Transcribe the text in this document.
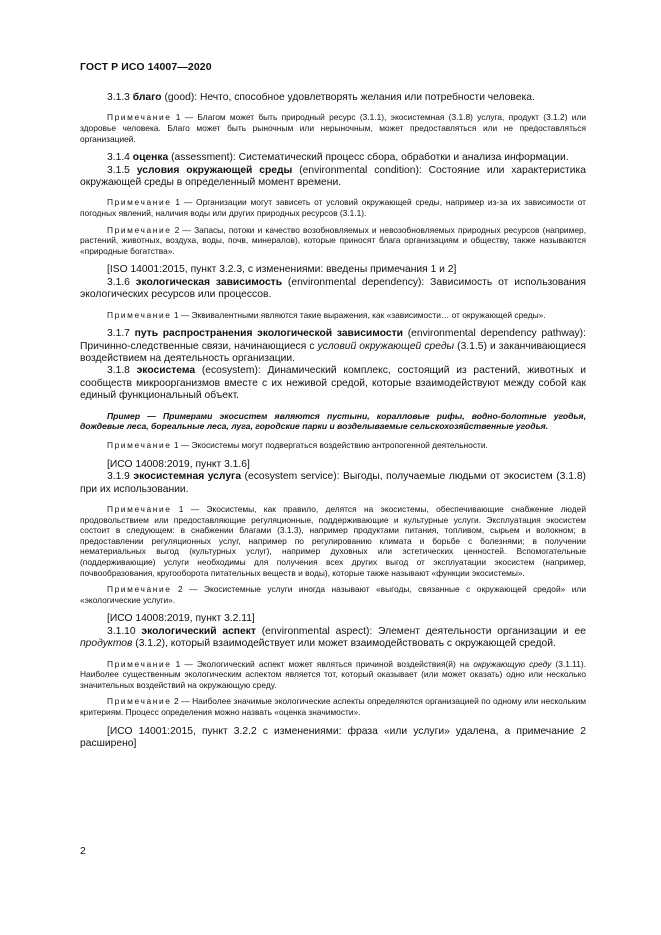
ГОСТ Р ИСО 14007—2020

3.1.3 благо (good): Нечто, способное удовлетворять желания или потребности человека.

Примечание 1 — Благом может быть природный ресурс (3.1.1), экосистемная (3.1.8) услуга, продукт (3.1.2) или здоровье человека. Благо может быть рыночным или нерыночным, может предоставляться или не предоставляться организацией.

3.1.4 оценка (assessment): Систематический процесс сбора, обработки и анализа информации.

3.1.5 условия окружающей среды (environmental condition): Состояние или характеристика окружающей среды в определенный момент времени.

Примечание 1 — Организации могут зависеть от условий окружающей среды, например из-за их зависимости от погодных явлений, наличия воды или других природных ресурсов (3.1.1).

Примечание 2 — Запасы, потоки и качество возобновляемых и невозобновляемых природных ресурсов (например, растений, животных, воздуха, воды, почв, минералов), которые приносят блага организациям и обществу, также называются «природные богатства».

[ISO 14001:2015, пункт 3.2.3, с изменениями: введены примечания 1 и 2]

3.1.6 экологическая зависимость (environmental dependency): Зависимость от использования экологических ресурсов или процессов.

Примечание 1 — Эквивалентными являются такие выражения, как «зависимости… от окружающей среды».

3.1.7 путь распространения экологической зависимости (environmental dependency pathway): Причинно-следственные связи, начинающиеся с условий окружающей среды (3.1.5) и заканчивающиеся воздействием на деятельность организации.

3.1.8 экосистема (ecosystem): Динамический комплекс, состоящий из растений, животных и сообществ микроорганизмов вместе с их неживой средой, которые взаимодействуют между собой как единый функциональный объект.

Пример — Примерами экосистем являются пустыни, коралловые рифы, водно-болотные угодья, дождевые леса, бореальные леса, луга, городские парки и возделываемые сельскохозяйственные угодья.

Примечание 1 — Экосистемы могут подвергаться воздействию антропогенной деятельности.

[ИСО 14008:2019, пункт 3.1.6]

3.1.9 экосистемная услуга (ecosystem service): Выгоды, получаемые людьми от экосистем (3.1.8) при их использовании.

Примечание 1 — Экосистемы, как правило, делятся на экосистемы, обеспечивающие снабжение людей продовольствием или предоставляющие регуляционные, поддерживающие и культурные услуги. Эксплуатация экосистем состоит в следующем: в снабжении благами (3.1.3), например продуктами питания, топливом, сырьем и волокном; в предоставлении регуляционных услуг, например по регулированию климата и борьбе с болезнями; в получении нематериальных выгод (культурных услуг), например духовных или эстетических ценностей. Вспомогательные (поддерживающие) услуги необходимы для получения всех других выгод от эксплуатации экосистем (например, почвообразования, кругооборота питательных веществ и воды), которые также называют «функции экосистемы».

Примечание 2 — Экосистемные услуги иногда называют «выгоды, связанные с окружающей средой» или «экологические услуги».

[ИСО 14008:2019, пункт 3.2.11]

3.1.10 экологический аспект (environmental aspect): Элемент деятельности организации и ее продуктов (3.1.2), который взаимодействует или может взаимодействовать с окружающей средой.

Примечание 1 — Экологический аспект может являться причиной воздействия(й) на окружающую среду (3.1.11). Наиболее существенным экологическим аспектом является тот, который оказывает (или может оказать) одно или несколько значительных воздействий на окружающую среду.

Примечание 2 — Наиболее значимые экологические аспекты определяются организацией по одному или нескольким критериям. Процесс определения можно назвать «оценка значимости».

[ИСО 14001:2015, пункт 3.2.2 с изменениями: фраза «или услуги» удалена, а примечание 2 расширено]

2
